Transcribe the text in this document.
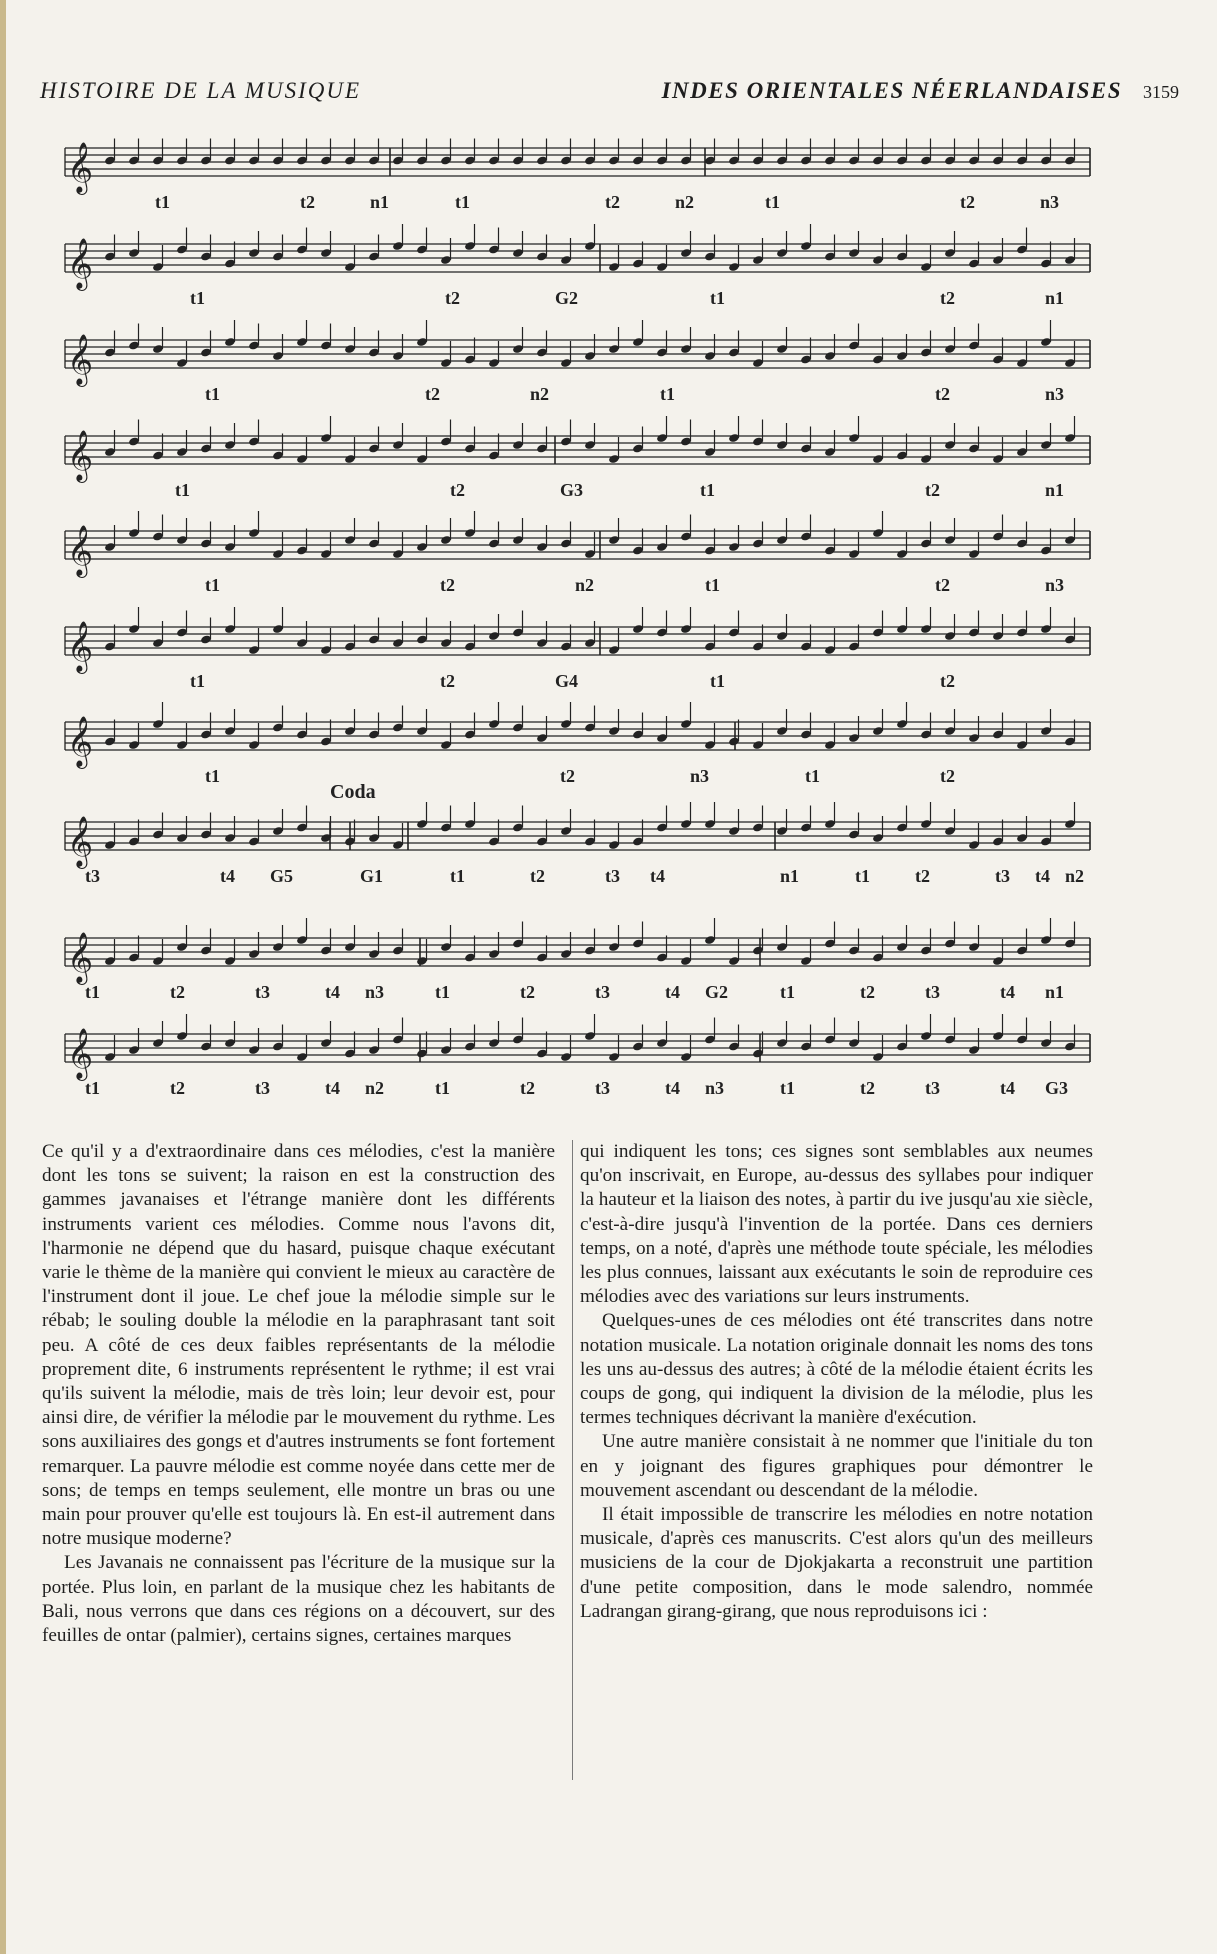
HISTOIRE DE LA MUSIQUE	INDES ORIENTALES NÉERLANDAISES 3159
𝄞
t1	t2	n1	t1	t2	n2	t1	t2	n3
𝄞
t1	t2	G2	t1	t2	n1
𝄞
t1	t2	n2	t1	t2	n3
𝄞
t1	t2	G3	t1	t2	n1
𝄞
t1	t2	n2	t1	t2	n3
𝄞
t1	t2	G4	t1	t2
𝄞
t1	t2	n3	t1	t2
𝄞
t3	t4 G5	G1	t1	t2	t3 t4	n1	t1	t2	t3 t4 n2
𝄞
t1	t2	t3	t4 n3	t1	t2	t3	t4 G2	t1	t2	t3	t4 n1
𝄞
t1	t2	t3	t4 n2	t1	t2	t3	t4 n3	t1	t2	t3	t4 G3
Coda

Ce qu'il y a d'extraordinaire dans ces mélodies, c'est la manière dont les tons se suivent; la raison en est la construction des gammes javanaises et l'étrange manière dont les différents instruments varient ces mélodies. Comme nous l'avons dit, l'harmonie ne dépend que du hasard, puisque chaque exécutant varie le thème de la manière qui convient le mieux au caractère de l'instrument dont il joue. Le chef joue la mélodie simple sur le rébab; le souling double la mélodie en la paraphrasant tant soit peu. A côté de ces deux faibles représentants de la mélodie proprement dite, 6 instruments représentent le rythme; il est vrai qu'ils suivent la mélodie, mais de très loin; leur devoir est, pour ainsi dire, de vérifier la mélodie par le mouvement du rythme. Les sons auxiliaires des gongs et d'autres instruments se font fortement remarquer. La pauvre mélodie est comme noyée dans cette mer de sons; de temps en temps seulement, elle montre un bras ou une main pour prouver qu'elle est toujours là. En est-il autrement dans notre musique moderne?

Les Javanais ne connaissent pas l'écriture de la musique sur la portée. Plus loin, en parlant de la musique chez les habitants de Bali, nous verrons que dans ces régions on a découvert, sur des feuilles de ontar (palmier), certains signes, certaines marques

qui indiquent les tons; ces signes sont semblables aux neumes qu'on inscrivait, en Europe, au-dessus des syllabes pour indiquer la hauteur et la liaison des notes, à partir du ive jusqu'au xie siècle, c'est-à-dire jusqu'à l'invention de la portée. Dans ces derniers temps, on a noté, d'après une méthode toute spéciale, les mélodies les plus connues, laissant aux exécutants le soin de reproduire ces mélodies avec des variations sur leurs instruments.

Quelques-unes de ces mélodies ont été transcrites dans notre notation musicale. La notation originale donnait les noms des tons les uns au-dessus des autres; à côté de la mélodie étaient écrits les coups de gong, qui indiquent la division de la mélodie, plus les termes techniques décrivant la manière d'exécution.

Une autre manière consistait à ne nommer que l'initiale du ton en y joignant des figures graphiques pour démontrer le mouvement ascendant ou descendant de la mélodie.

Il était impossible de transcrire les mélodies en notre notation musicale, d'après ces manuscrits. C'est alors qu'un des meilleurs musiciens de la cour de Djokjakarta a reconstruit une partition d'une petite composition, dans le mode salendro, nommée Ladrangan girang-girang, que nous reproduisons ici :
